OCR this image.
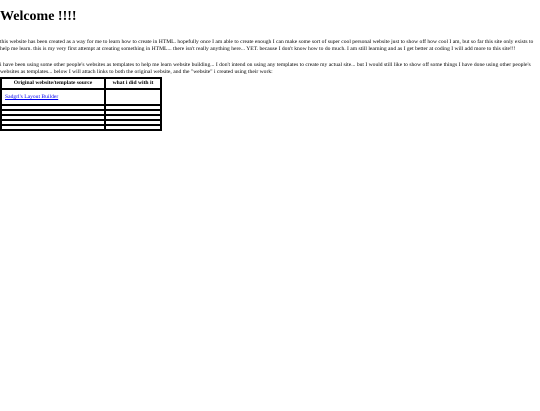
Welcome !!!!

this website has been created as a way for me to learn how to create in HTML. hopefully once I am able to create enough I can make some sort of super cool personal website just to show off how cool I am, but so far this site only exists to help me learn. this is my very first attempt at creating something in HTML... there isn't really anything here... YET. because I don't know how to do much. I am still learning and as I get better at coding I will add more to this site!!!

i have been using some other people's websites as templates to help me learn website building... I don't intend on using any templates to create my actual site... but I would still like to show off some things I have done using other people's websites as templates... below I will attach links to both the original website, and the "website" i created using their work:

Original website/template source	what i did with it
Sadgrl's Layout Builder	
